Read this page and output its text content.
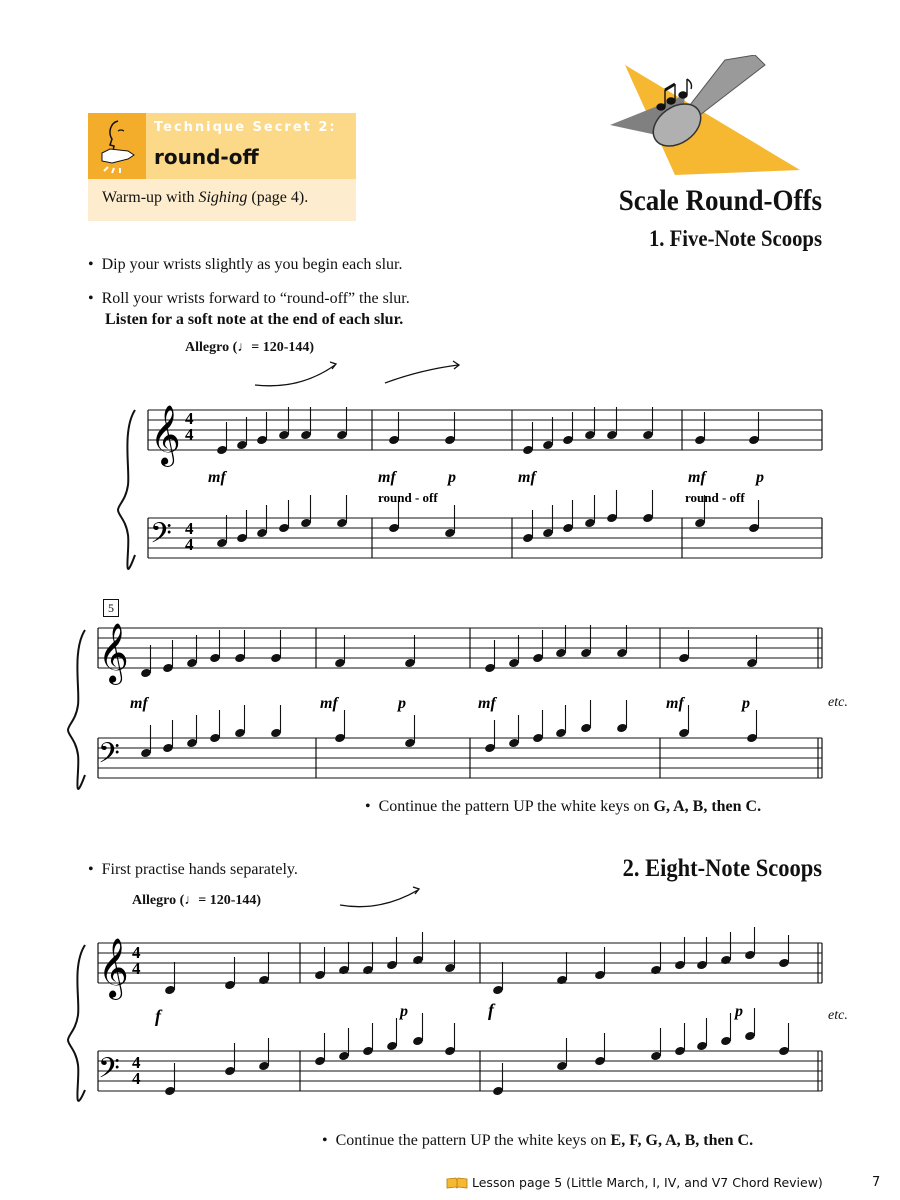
Technique Secret 2:
round-off
Warm-up with Sighing (page 4).	Scale Round-Offs
1. Five-Note Scoops
2. Eight-Note Scoops
•  Dip your wrists slightly as you begin each slur.
•  Roll your wrists forward to “round-off” the slur.
Listen for a soft note at the end of each slur.
•  Continue the pattern UP the white keys on G, A, B, then C.
•  First practise hands separately.
•  Continue the pattern UP the white keys on E, F, G, A, B, then C.
Allegro (♩= 120-144)
Allegro (♩= 120-144)
5
etc.
etc.
𝄞
𝄢
4
4
4
4
mf	mf	p	mf	mf	p
round - off	round - off
𝄞
𝄢
mf	mf	p	mf	mf	p
𝄞
𝄢
4
4
4
4
f	p	f	p
Lesson page 5 (Little March, I, IV, and V7 Chord Review)	7
